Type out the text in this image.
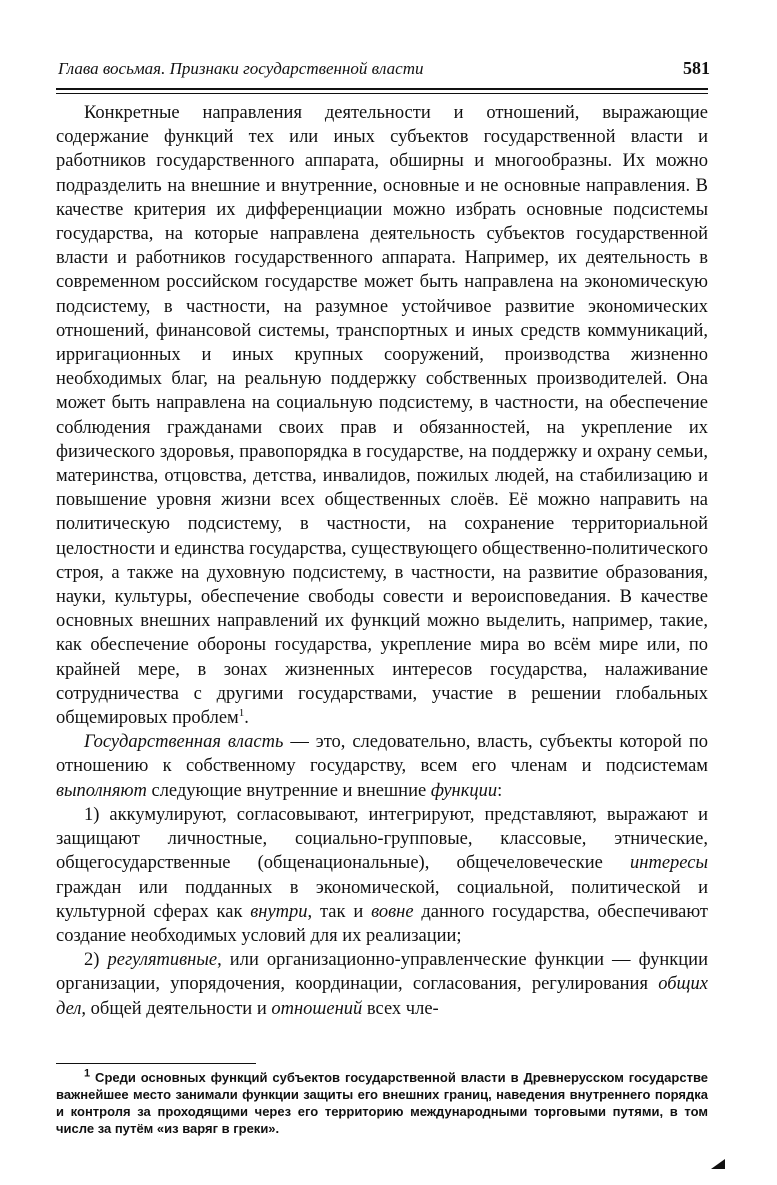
Глава восьмая. Признаки государственной власти	581

Конкретные направления деятельности и отношений, выражающие содержание функций тех или иных субъектов государственной власти и работников государственного аппарата, обширны и многообразны. Их можно подразделить на внешние и внутренние, основные и не основные направления. В качестве критерия их дифференциации можно избрать основные подсистемы государства, на которые направлена деятельность субъектов государственной власти и работников государственного аппарата. Например, их деятельность в современном российском государстве может быть направлена на экономическую подсистему, в частности, на разумное устойчивое развитие экономических отношений, финансовой системы, транспортных и иных средств коммуникаций, ирригационных и иных крупных сооружений, производства жизненно необходимых благ, на реальную поддержку собственных производителей. Она может быть направлена на социальную подсистему, в частности, на обеспечение соблюдения гражданами своих прав и обязанностей, на укрепление их физического здоровья, правопорядка в государстве, на поддержку и охрану семьи, материнства, отцовства, детства, инвалидов, пожилых людей, на стабилизацию и повышение уровня жизни всех общественных слоёв. Её можно направить на политическую подсистему, в частности, на сохранение территориальной целостности и единства государства, существующего общественно-политического строя, а также на духовную подсистему, в частности, на развитие образования, науки, культуры, обеспечение свободы совести и вероисповедания. В качестве основных внешних направлений их функций можно выделить, например, такие, как обеспечение обороны государства, укрепление мира во всём мире или, по крайней мере, в зонах жизненных интересов государства, налаживание сотрудничества с другими государствами, участие в решении глобальных общемировых проблем$^1$.

Государственная власть — это, следовательно, власть, субъекты которой по отношению к собственному государству, всем его членам и подсистемам выполняют следующие внутренние и внешние функции:

1) аккумулируют, согласовывают, интегрируют, представляют, выражают и защищают личностные, социально-групповые, классовые, этнические, общегосударственные (общенациональные), общечеловеческие интересы граждан или подданных в экономической, социальной, политической и культурной сферах как внутри, так и вовне данного государства, обеспечивают создание необходимых условий для их реализации;

2) регулятивные, или организационно-управленческие функции — функции организации, упорядочения, координации, согласования, регулирования общих дел, общей деятельности и отношений всех чле-

$^1$ Среди основных функций субъектов государственной власти в Древнерусском государстве важнейшее место занимали функции защиты его внешних границ, наведения внутреннего порядка и контроля за проходящими через его территорию международными торговыми путями, в том числе за путём «из варяг в греки».
